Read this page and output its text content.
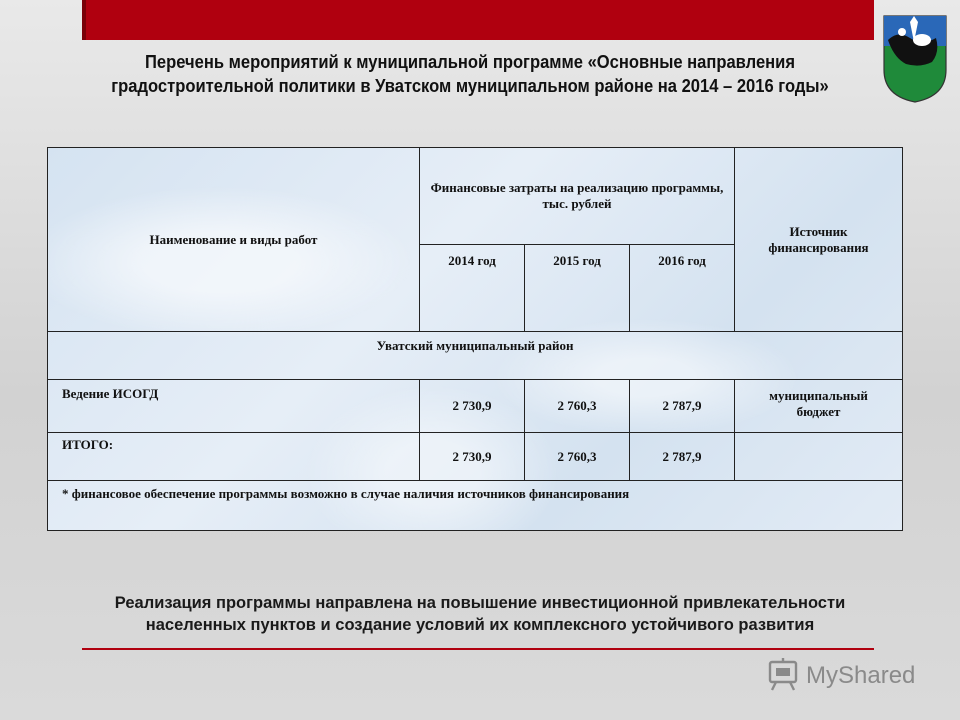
Перечень мероприятий к муниципальной программе «Основные направления
градостроительной политики в Уватском муниципальном районе на 2014 – 2016 годы»
Наименование и виды работ	Финансовые затраты на реализацию программы, тыс. рублей			Источник финансирования
	2014 год	2015 год	2016 год	
Уватский муниципальный район				
Ведение ИСОГД	2 730,9	2 760,3	2 787,9	муниципальный бюджет
ИТОГО:	2 730,9	2 760,3	2 787,9	
* финансовое обеспечение программы возможно в случае наличия источников финансирования				
Реализация программы направлена на повышение инвестиционной привлекательности
населенных пунктов и создание условий их комплексного устойчивого развития
MyShared
